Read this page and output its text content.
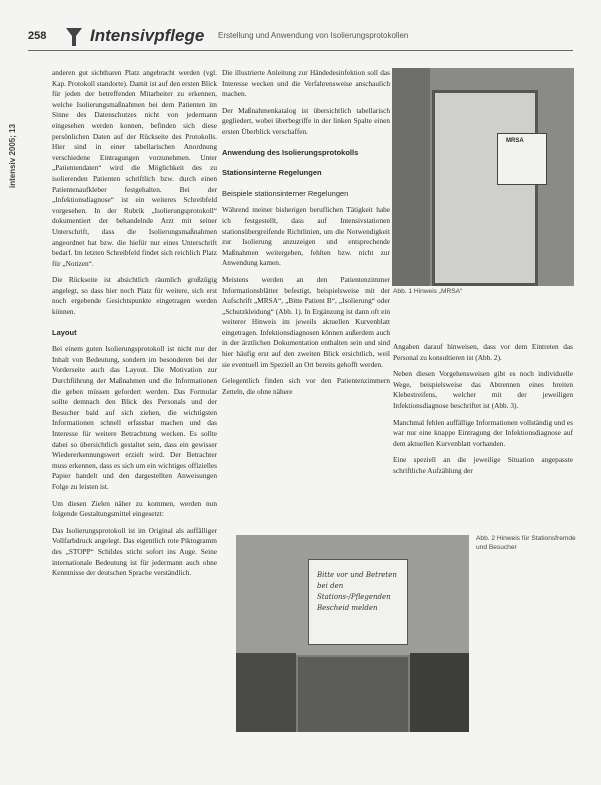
258	Intensivpflege Erstellung und Anwendung von Isolierungsprotokollen
intensiv 2005; 13

anderen gut sichtbaren Platz angebracht werden (vgl. Kap. Protokoll standorte). Damit ist auf den ersten Blick für jeden der betreffenden Mitarbeiter zu erkennen, welche Isolierungsmaßnahmen bei dem Patienten im Sinne des Datenschutzes nicht von jedermann eingesehen werden konnen, befinden sich diese persönlichen Daten auf der Rückseite des Protokolls. Hier sind in einer tabellarischen Anordnung verschiedene Eintragungen vorzunehmen. Unter „Patientendaten“ wird die Möglichkeit des zu isolierenden Patienten schriftlich bzw. durch einen Patientenaufkleber festgehalten. Bei der „Infektionsdiagnose“ ist ein weiteres Schreibfeld vorgesehen. In der Rubrik „Isolierungsprotokoll“ dokumentiert der behandelnde Arzt mit seiner Unterschrift, dass die Isolierungsmaßnahmen angeordnet hat bzw. die hiefür nur eines Unterschrift bedarf. Im letzten Schreibfeld findet sich reichlich Platz für „Notizen“.

Die Rückseite ist absichtlich räumlich großzügig angelegt, so dass hier noch Platz für weitere, sich erst noch ergebende Gesichtspunkte eingetragen werden können.

Layout

Bei einem guten Isolierungsprotokoll ist nicht nur der Inhalt von Bedeutung, sondern im besonderen bei der Vorderseite auch das Layout. Die Motivation zur Durchführung der Maßnahmen und die Informationen die geben müssen gefordert werden. Das Formular sollte demnach den Blick des Personals und der Besucher bald auf sich ziehen, die wichtigsten Informationen schnell erfassbar machen und das Interesse für weitere Betrachtung wecken. Es sollte dabei so übersichtlich gestaltet sein, dass ein gewisser Wiedererkennungswert erzielt wird. Der Betrachter muss erkennen, dass es sich um ein wichtiges offizielles Papier handelt und den dargestellten Anweisungen Folge zu leisten ist.

Um diesen Zielen näher zu kommen, werden nun folgende Gestaltungsmittel eingesetzt:

Das Isolierungsprotokoll ist im Original als auffälliger Vollfarbdruck angelegt. Das eigentlich rote Piktogramm des „STOPP“ Schildes sticht sofort ins Auge. Seine internationale Bedeutung ist für jedermann auch ohne Kenntnisse der deutschen Sprache verständlich.

Die illustrierte Anleitung zur Händedesinfektion soll das Interesse wecken und die Verfahrensweise anschaulich machen.

Der Maßnahmenkatalog ist übersichtlich tabellarisch gegliedert, wobei überbegriffe in der linken Spalte einen ersten Überblick verschaffen.

Anwendung des Isolierungsprotokolls
Stationsinterne Regelungen
Beispiele stationsinterner Regelungen

Während meiner bisherigen beruflichen Tätigkeit habe ich festgestellt, dass auf Intensivstationen stationsübergreifende Richtlinien, um die Notwendigkeit zur Isolierung anzuzeigen und entsprechende Maßnahmen weitergeben, fehlten bzw. nicht zur Anwendung kamen.

Meistens werden an den Patientenzimmer Informationsblätter befestigt, beispielsweise mit der Aufschrift „MRSA“, „Bitte Patient B“, „Isolierung“ oder „Schutzkleidung“ (Abb. 1). In Ergänzung ist dann oft ein weiterer Hinweis im jeweils aktuellen Kurvenblatt eingetragen. Infektionsdiagnosen können außerdem auch in der ärztlichen Dokumentation enthalten sein und sind hier häufig erst auf den zweiten Blick ersichtlich, weil sie eventuell im Speziell an Ort bereits gehofft werden.

Gelegentlich finden sich vor den Patientenzimmern Zetteln, die ohne nähere

MRSA
Abb. 1 Hinweis „MRSA“

Angaben darauf hinweisen, dass vor dem Eintreten das Personal zu konsultieren ist (Abb. 2).

Neben diesen Vorgehensweisen gibt es noch individuelle Wege, beispielsweise das Abtrennen eines breiten Klebestreifens, welcher mit der jeweiligen Infektionsdiagnose beschriftet ist (Abb. 3).

Manchmal fehlen auffällige Informationen vollständig und es war nur eine knappe Eintragung der Infektionsdiagnose auf dem aktuellen Kurvenblatt vorhanden.

Eine speziell an die jeweilige Situation angepasste schriftliche Aufzählung der

Bitte vor und Betreten bei den Stations-/Pflegenden Bescheid melden
Abb. 2 Hinweis für Stationsfremde und Besucher
